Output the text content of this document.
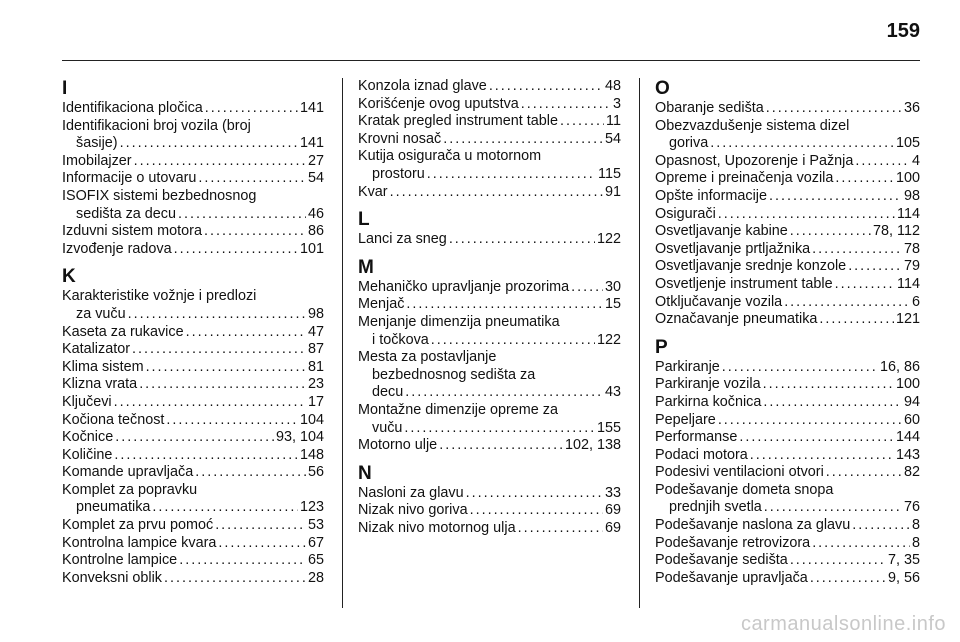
159
I
Identifikaciona pločica . . .	141
Identifikacioni broj vozila (broj
šasije) . . .	141
Imobilajzer . . .	27
Informacije o utovaru . . .	54
ISOFIX sistemi bezbednosnog
sedišta za decu . . .	46
Izduvni sistem motora . . .	86
Izvođenje radova . . .	101
K
Karakteristike vožnje i predlozi
za vuču . . .	98
Kaseta za rukavice . . .	47
Katalizator . . .	87
Klima sistem . . .	81
Klizna vrata . . .	23
Ključevi . . .	17
Kočiona tečnost . . .	104
Kočnice . . .	93, 104
Količine . . .	148
Komande upravljača . . .	56
Komplet za popravku
pneumatika . . .	123
Komplet za prvu pomoć . . .	53
Kontrolna lampice kvara . . .	67
Kontrolne lampice . . .	65
Konveksni oblik . . .	28
Konzola iznad glave . . .	48
Korišćenje ovog uputstva . . .	3
Kratak pregled instrument table . . .	11
Krovni nosač . . .	54
Kutija osigurača u motornom
prostoru . . .	115
Kvar . . .	91
L
Lanci za sneg . . .	122
M
Mehaničko upravljanje prozorima . . . 30
Menjač . . .	15
Menjanje dimenzija pneumatika
i točkova . . .	122
Mesta za postavljanje
bezbednosnog sedišta za
decu . . .	43
Montažne dimenzije opreme za
vuču . . .	155
Motorno ulje . . .	102, 138
N
Nasloni za glavu . . .	33
Nizak nivo goriva . . .	69
Nizak nivo motornog ulja . . .	69
O
Obaranje sedišta . . .	36
Obezvazdušenje sistema dizel
goriva . . .	105
Opasnost, Upozorenje i Pažnja . . .	4
Opreme i preinačenja vozila . . .	100
Opšte informacije . . .	98
Osigurači . . .	114
Osvetljavanje kabine . . .	78, 112
Osvetljavanje prtljažnika . . .	78
Osvetljavanje srednje konzole . . .	79
Osvetljenje instrument table . . .	114
Otključavanje vozila . . .	6
Označavanje pneumatika . . .	121
P
Parkiranje . . .	16, 86
Parkiranje vozila . . .	100
Parkirna kočnica . . .	94
Pepeljare . . .	60
Performanse . . .	144
Podaci motora . . .	143
Podesivi ventilacioni otvori . . .	82
Podešavanje dometa snopa
prednjih svetla . . .	76
Podešavanje naslona za glavu . . .	8
Podešavanje retrovizora . . .	8
Podešavanje sedišta . . .	7, 35
Podešavanje upravljača . . .	9, 56
carmanualsonline.info
